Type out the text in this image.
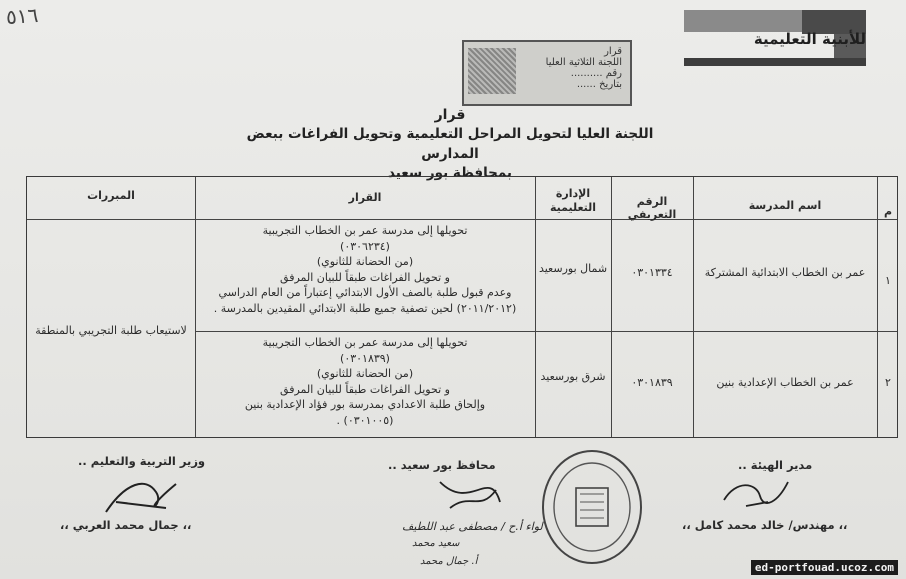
٥١٦
للأبنية التعليمية
قرار
اللجنة الثلاثية العليا
رقم ..........
بتاريخ ......
قرار
اللجنة العليا لتحويل المراحل التعليمية وتحويل الفراغات ببعض المدارس
بمحافظة بور سعيد
م
اسم المدرسة
الرقم التعريفي
الإدارة التعليمية
القرار
المبررات
١
عمر بن الخطاب الابتدائية المشتركة
٠٣٠١٣٣٤
شمال بورسعيد
تحويلها إلى مدرسة عمر بن الخطاب التجريبية
(٠٣٠٦٢٣٤)
(من الحضانة للثانوي)
و تحويل الفراغات طبقاً للبيان المرفق
وعدم قبول طلبة بالصف الأول الابتدائي إعتباراً من العام الدراسي
(٢٠١١/٢٠١٢) لحين تصفية جميع طلبة الابتدائي المقيدين بالمدرسة .
لاستيعاب طلبة التجريبي بالمنطقة
٢
عمر بن الخطاب الإعدادية بنين
٠٣٠١٨٣٩
شرق بورسعيد
تحويلها إلى مدرسة عمر بن الخطاب التجريبية
(٠٣٠١٨٣٩)
(من الحضانة للثانوي)
و تحويل الفراغات طبقاً للبيان المرفق
وإلحاق طلبة الاعدادي بمدرسة بور فؤاد الإعدادية بنين
(٠٣٠١٠٠٥) .
وزير التربية والتعليم ..
،، جمال محمد العربي ،،
محافظ بور سعيد ..
لواء أ.ح / مصطفى عبد اللطيف
سعيد محمد
أ. جمال محمد
مدير الهيئة ..
،، مهندس/ خالد محمد كامل ،،
ed-portfouad.ucoz.com
